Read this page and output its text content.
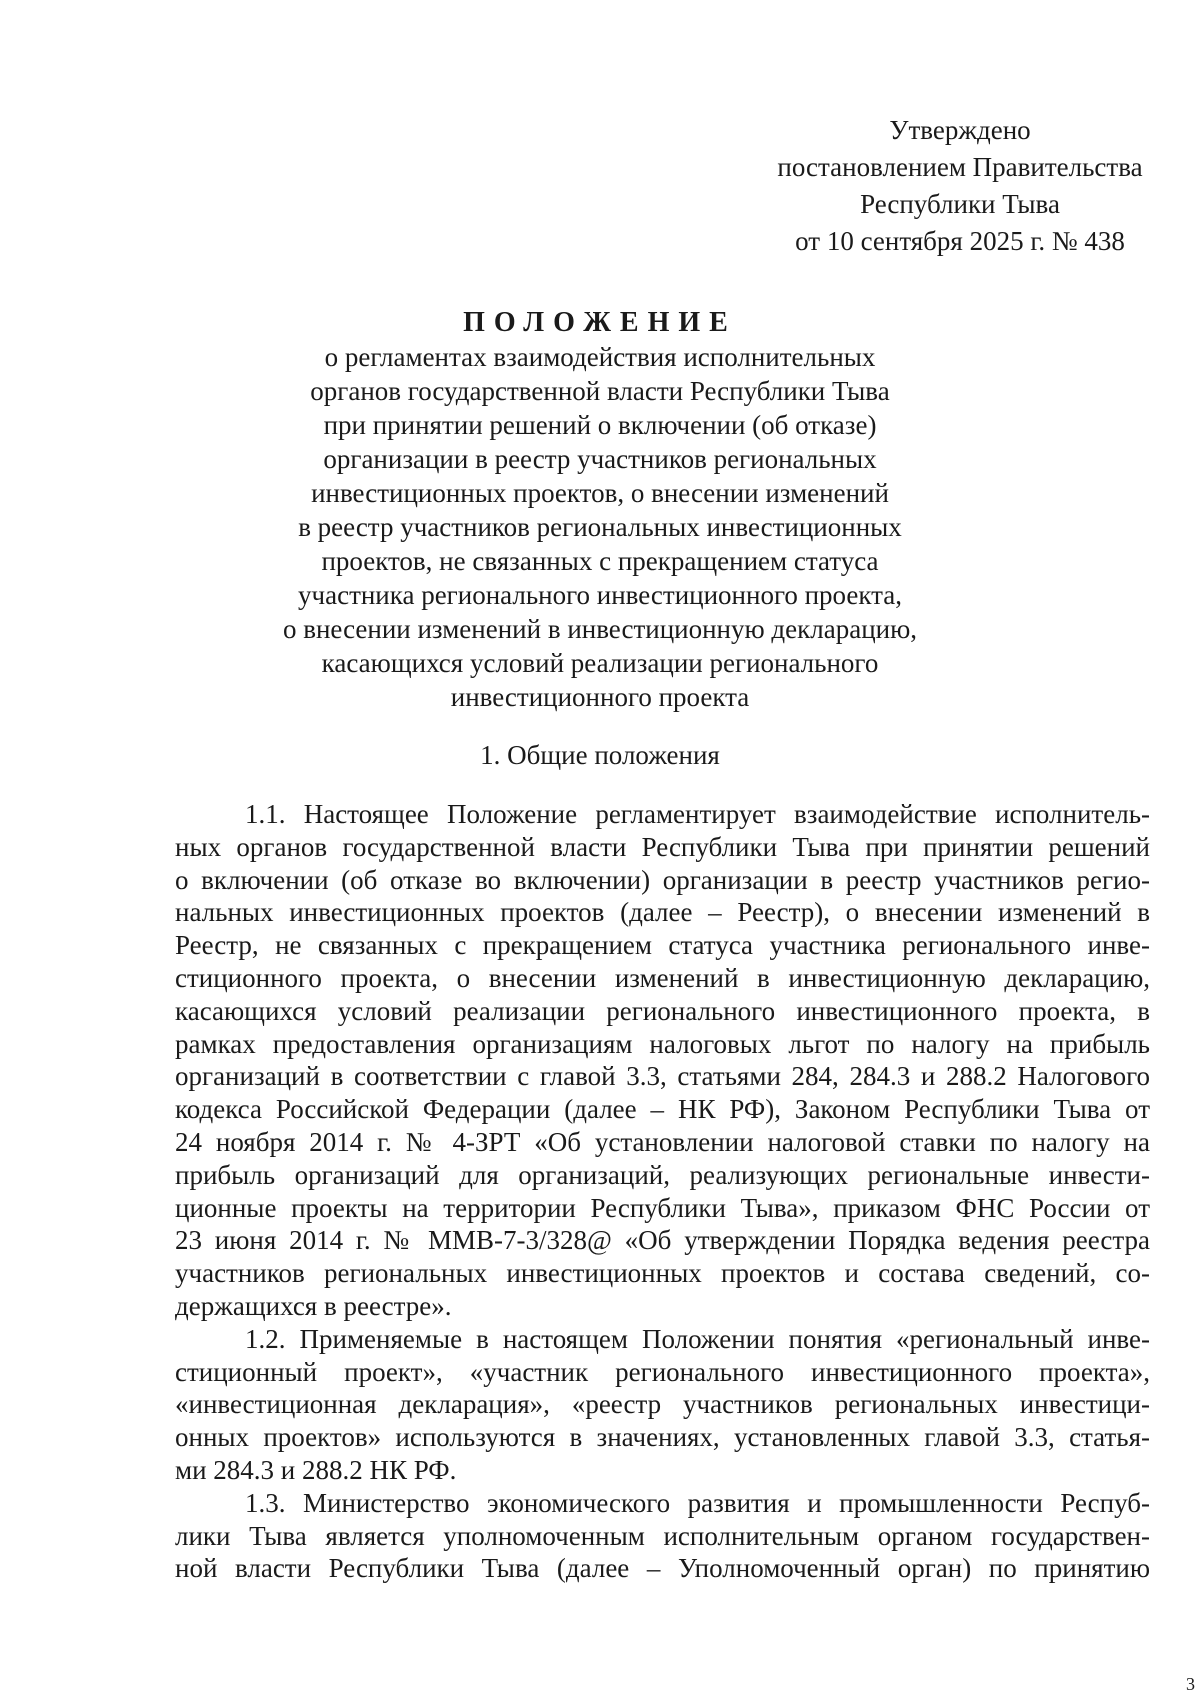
Утверждено
постановлением Правительства
Республики Тыва
от 10 сентября 2025 г. № 438
ПОЛОЖЕНИЕ
о регламентах взаимодействия исполнительных
органов государственной власти Республики Тыва
при принятии решений о включении (об отказе)
организации в реестр участников региональных
инвестиционных проектов, о внесении изменений
в реестр участников региональных инвестиционных
проектов, не связанных с прекращением статуса
участника регионального инвестиционного проекта,
о внесении изменений в инвестиционную декларацию,
касающихся условий реализации регионального
инвестиционного проекта
1. Общие положения
1.1. Настоящее Положение регламентирует взаимодействие исполнитель-
ных органов государственной власти Республики Тыва при принятии решений
о включении (об отказе во включении) организации в реестр участников регио-
нальных инвестиционных проектов (далее – Реестр), о внесении изменений в
Реестр, не связанных с прекращением статуса участника регионального инве-
стиционного проекта, о внесении изменений в инвестиционную декларацию,
касающихся условий реализации регионального инвестиционного проекта, в
рамках предоставления организациям налоговых льгот по налогу на прибыль
организаций в соответствии с главой 3.3, статьями 284, 284.3 и 288.2 Налогового
кодекса Российской Федерации (далее – НК РФ), Законом Республики Тыва от
24 ноября 2014 г. № 4-ЗРТ «Об установлении налоговой ставки по налогу на
прибыль организаций для организаций, реализующих региональные инвести-
ционные проекты на территории Республики Тыва», приказом ФНС России от
23 июня 2014 г. № ММВ-7-3/328@ «Об утверждении Порядка ведения реестра
участников региональных инвестиционных проектов и состава сведений, со-
держащихся в реестре».
1.2. Применяемые в настоящем Положении понятия «региональный инве-
стиционный проект», «участник регионального инвестиционного проекта»,
«инвестиционная декларация», «реестр участников региональных инвестици-
онных проектов» используются в значениях, установленных главой 3.3, статья-
ми 284.3 и 288.2 НК РФ.
1.3. Министерство экономического развития и промышленности Респуб-
лики Тыва является уполномоченным исполнительным органом государствен-
ной власти Республики Тыва (далее – Уполномоченный орган) по принятию
3
